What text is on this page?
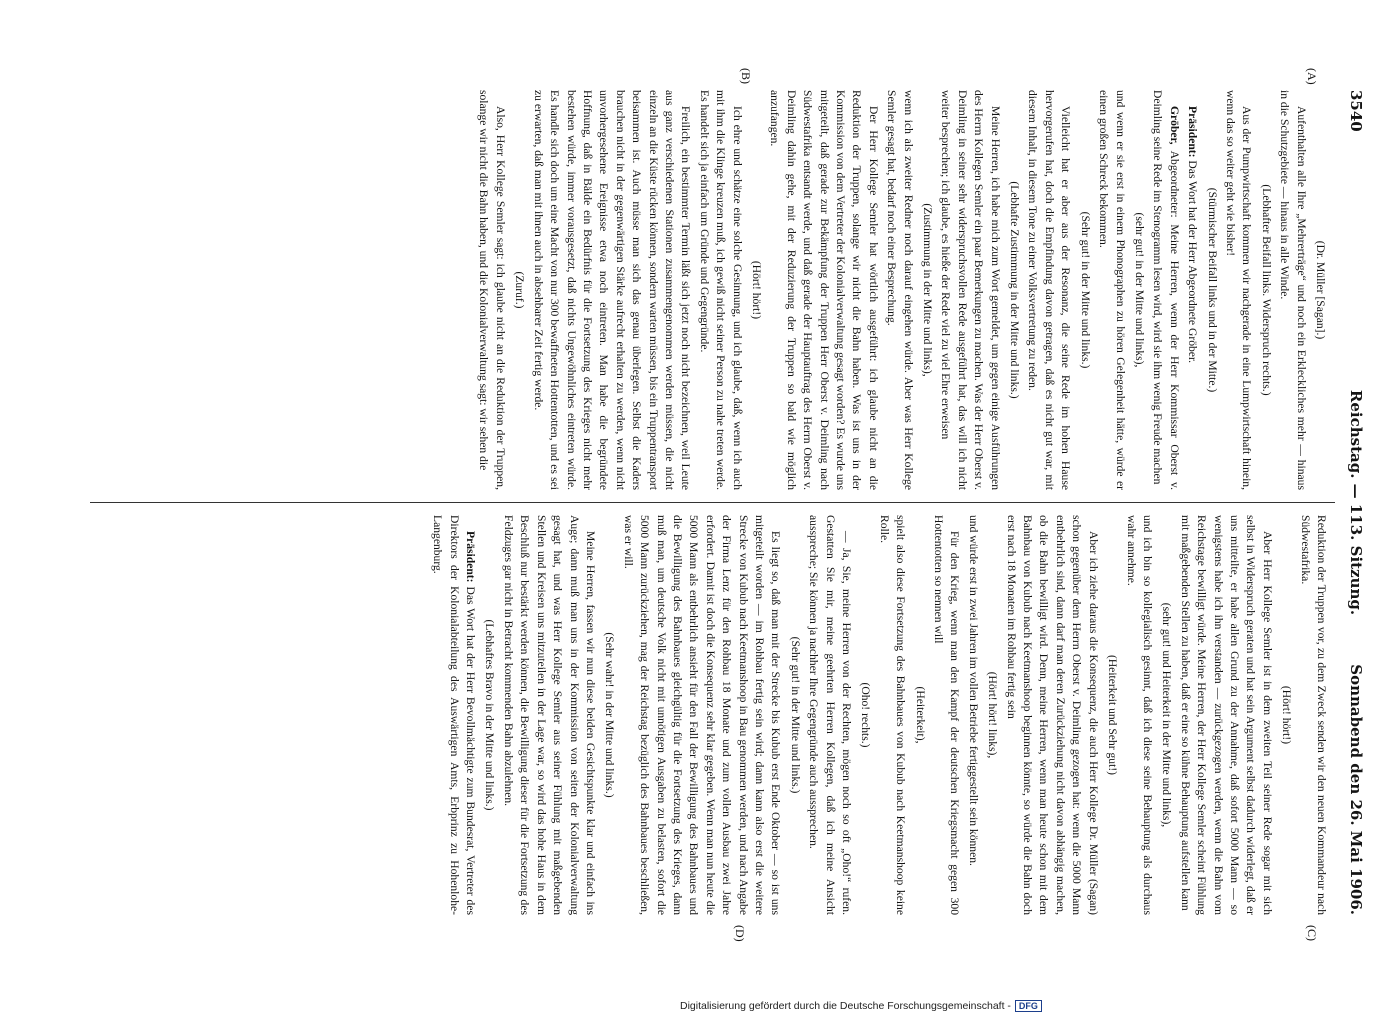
3540
Reichstag. — 113. Sitzung.
Sonnabend den 26. Mai 1906.
(A)
(B)
(C)
(D)

(Dr. Müller [Sagan].)

Aufenthalten alle Ihre „Mehrerträge“ und noch ein Erkleckliches mehr — hinaus in die Schutzgebiete — hinaus in alle Winde.

(Lebhafter Beifall links. Widerspruch rechts.)

Aus der Pumpwirtschaft kommen wir nachgerade in eine Lumpwirtschaft hinein, wenn das so weiter geht wie bisher!

(Stürmischer Beifall links und in der Mitte.)

Präsident: Das Wort hat der Herr Abgeordnete Gröber.

Gröber, Abgeordneter: Meine Herren, wenn der Herr Kommissar Oberst v. Deimling seine Rede im Stenogramm lesen wird, wird sie ihm wenig Freude machen

(sehr gut! in der Mitte und links),

und wenn er sie erst in einem Phonographen zu hören Gelegenheit hätte, würde er einen großen Schreck bekommen.

(Sehr gut! in der Mitte und links.)

Vielleicht hat er aber aus der Resonanz, die seine Rede im hohen Hause hervorgerufen hat, doch die Empfindung davon getragen, daß es nicht gut war, mit diesem Inhalt, in diesem Tone zu einer Volksvertretung zu reden.

(Lebhafte Zustimmung in der Mitte und links.)

Meine Herren, ich habe mich zum Wort gemeldet, um gegen einige Ausführungen des Herrn Kollegen Semler ein paar Bemerkungen zu machen. Was der Herr Oberst v. Deimling in seiner sehr widerspruchsvollen Rede ausgeführt hat, das will ich nicht weiter besprechen; ich glaube, es hieße der Rede viel zu viel Ehre erweisen

(Zustimmung in der Mitte und links),

wenn ich als zweiter Redner noch darauf eingehen würde. Aber was Herr Kollege Semler gesagt hat, bedarf noch einer Besprechung.

Der Herr Kollege Semler hat wörtlich ausgeführt: ich glaube nicht an die Reduktion der Truppen, solange wir nicht die Bahn haben. Was ist uns in der Kommission von dem Vertreter der Kolonialverwaltung gesagt worden? Es wurde uns mitgeteilt, daß gerade zur Bekämpfung der Truppen Herr Oberst v. Deimling nach Südwestafrika entsandt werde, und daß gerade der Hauptauftrag des Herrn Oberst v. Deimling dahin gehe, mit der Reduzierung der Truppen so bald wie möglich anzufangen.

(Hört! hört!)

Ich ehre und schätze eine solche Gesinnung, und ich glaube, daß, wenn ich auch mit ihm die Klinge kreuzen muß, ich gewiß nicht seiner Person zu nahe treten werde. Es handelt sich ja einfach um Gründe und Gegengründe.

Freilich, ein bestimmter Termin läßt sich jetzt noch nicht bezeichnen, weil Leute aus ganz verschiedenen Stationen zusammengenommen werden müssen, die nicht einzeln an die Küste rücken können, sondern warten müssen, bis ein Truppentransport beisammen ist. Auch müsse man sich das genau überlegen. Selbst die Kaders brauchen nicht in der gegenwärtigen Stärke aufrecht erhalten zu werden, wenn nicht unvorhergesehene Ereignisse etwa noch eintreten. Man habe die begründete Hoffnung, daß in Bälde ein Bedürfnis für die Fortsetzung des Krieges nicht mehr bestehen würde, immer vorausgesetzt, daß nichts Ungewöhnliches eintreten würde. Es handle sich doch um eine Macht von nur 300 bewaffneten Hottentotten, und es sei zu erwarten, daß man mit ihnen auch in absehbarer Zeit fertig werde.

(Zuruf.)

Also, Herr Kollege Semler sagt: ich glaube nicht an die Reduktion der Truppen, solange wir nicht die Bahn haben, und die Kolonialverwaltung sagt: wir sehen die

Reduktion der Truppen vor, zu dem Zweck senden wir den neuen Kommandeur nach Südwestafrika.

(Hört! hört!)

Aber Herr Kollege Semler ist in dem zweiten Teil seiner Rede sogar mit sich selbst in Widerspruch geraten und hat sein Argument selbst dadurch widerlegt, daß er uns mitteilte, er habe allen Grund zu der Annahme, daß sofort 5000 Mann — so wenigstens habe ich ihn verstanden — zurückgezogen werden, wenn die Bahn vom Reichstage bewilligt würde. Meine Herren, der Herr Kollege Semler scheint Fühlung mit maßgebenden Stellen zu haben, daß er eine so kühne Behauptung aufstellen kann

(sehr gut! und Heiterkeit in der Mitte und links),

und ich bin so kollegialisch gesinnt, daß ich diese seine Behauptung als durchaus wahr annehme.

(Heiterkeit und Sehr gut!)

Aber ich ziehe daraus die Konsequenz, die auch Herr Kollege Dr. Müller (Sagan) schon gegenüber dem Herrn Oberst v. Deimling gezogen hat: wenn die 5000 Mann entbehrlich sind, dann darf man deren Zurückziehung nicht davon abhängig machen, ob die Bahn bewilligt wird. Denn, meine Herren, wenn man heute schon mit dem Bahnbau von Kubub nach Keetmanshoop beginnen könnte, so würde die Bahn doch erst nach 18 Monaten im Rohbau fertig sein

(Hört! hört! links),

und würde erst in zwei Jahren im vollen Betriebe fertiggestellt sein können.

Für den Krieg, wenn man den Kampf der deutschen Kriegsmacht gegen 300 Hottentotten so nennen will

(Heiterkeit),

spielt also diese Fortsetzung des Bahnbaues von Kubub nach Keetmanshoop keine Rolle.

(Oho! rechts.)

— Ja, Sie, meine Herren von der Rechten, mögen noch so oft „Oho!“ rufen. Gestatten Sie mir, meine geehrten Herren Kollegen, daß ich meine Ansicht ausspreche; Sie können ja nachher Ihre Gegengründe auch aussprechen.

(Sehr gut! in der Mitte und links.)

Es liegt so, daß man mit der Strecke bis Kubub erst Ende Oktober — so ist uns mitgeteilt worden — im Rohbau fertig sein wird; dann kann also erst die weitere Strecke von Kubub nach Keetmanshoop in Bau genommen werden, und nach Angabe der Firma Lenz für den Rohbau 18 Monate und zum vollen Ausbau zwei Jahre erfordert. Damit ist doch die Konsequenz sehr klar gegeben. Wenn man nun heute die 5000 Mann als entbehrlich ansieht für den Fall der Bewilligung des Bahnbaues und die Bewilligung des Bahnbaues gleichgültig für die Fortsetzung des Krieges, dann muß man, um deutsche Volk nicht mit unnötigen Ausgaben zu belasten, sofort die 5000 Mann zurückziehen, mag der Reichstag bezüglich des Bahnbaues beschließen, was er will.

(Sehr wahr! in der Mitte und links.)

Meine Herren, fassen wir nun diese beiden Gesichtspunkte klar und einfach ins Auge; dann muß man uns in der Kommission von seiten der Kolonialverwaltung gesagt hat, und was Herr Kollege Semler aus seiner Fühlung mit maßgebenden Stellen und Kreisen uns mitzuteilen in der Lage war, so wird das hohe Haus in dem Beschluß nur bestärkt werden können, die Bewilligung dieser für die Fortsetzung des Feldzuges gar nicht in Betracht kommenden Bahn abzulehnen.

(Lebhaftes Bravo in der Mitte und links.)

Präsident: Das Wort hat der Herr Bevollmächtigte zum Bundesrat, Vertreter des Direktors der Kolonialabteilung des Auswärtigen Amts, Erbprinz zu Hohenlohe-Langenburg.

Digitalisierung gefördert durch die Deutsche Forschungsgemeinschaft - DFG
